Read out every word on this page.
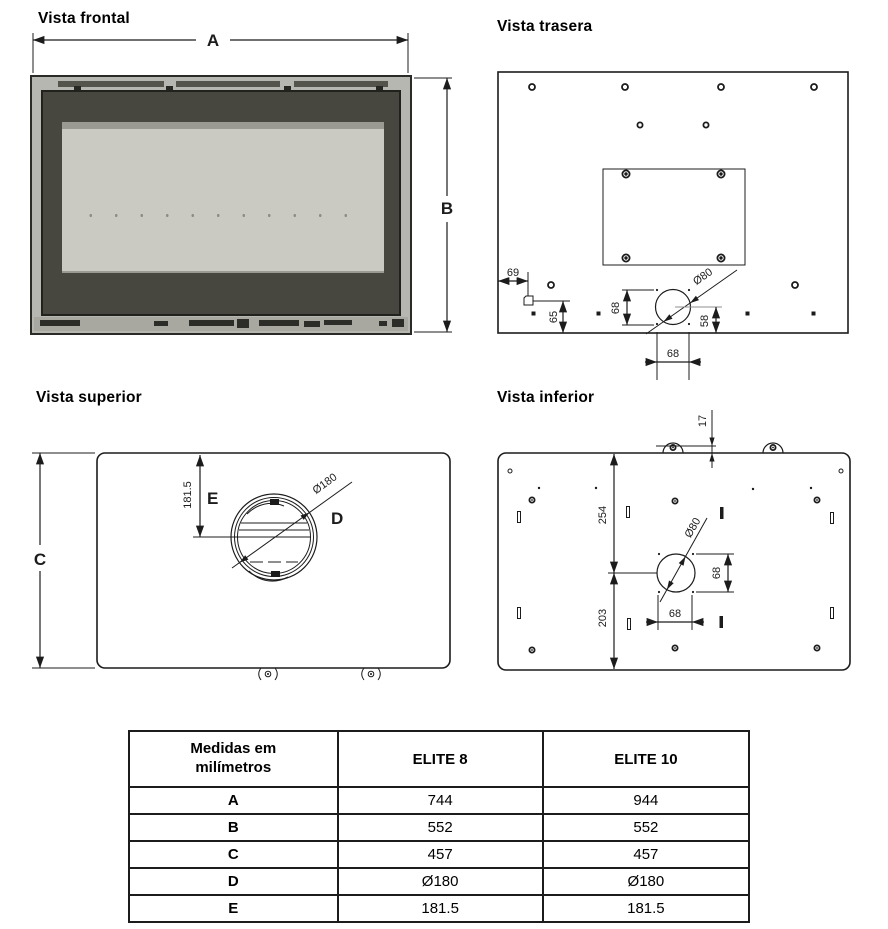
Vista frontal
A
B
Vista trasera
Ø80
69
65
68
58
68
Vista superior
C
181.5 E
Ø180
D
Vista inferior
17
254
203
Ø80
68
68
Medidas em milímetros	ELITE 8	ELITE 10
A	744	944
B	552	552
C	457	457
D	Ø180	Ø180
E	181.5	181.5
